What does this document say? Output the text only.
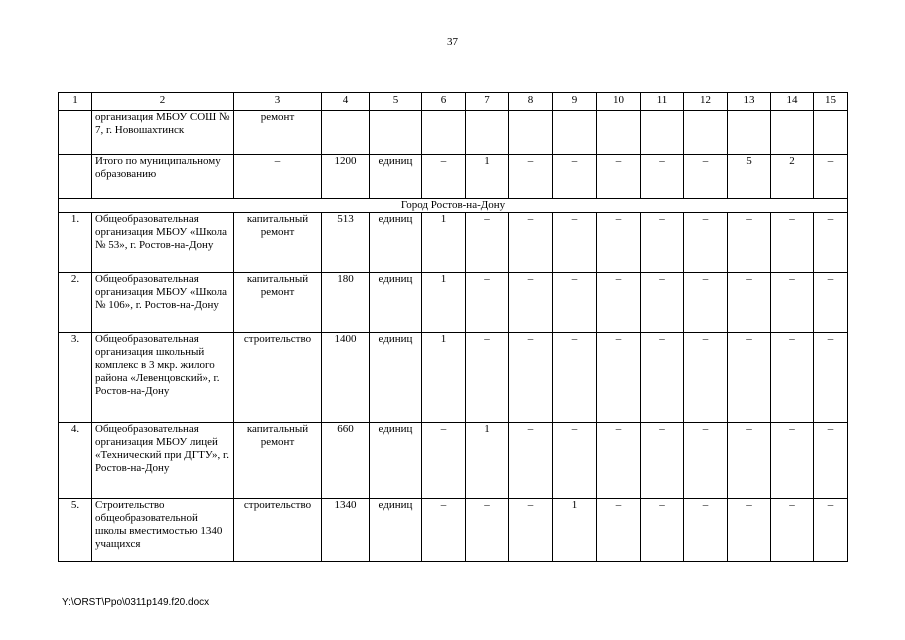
37
1	2	3	4	5	6	7	8	9	10	11	12	13	14	15
	организация МБОУ СОШ № 7, г. Новошахтинск	ремонт												
	Итого по муниципальному образованию	–	1200	единиц	–	1	–	–	–	–	–	5	2	–
Город Ростов-на-Дону														
1.	Общеобразовательная организация МБОУ «Школа № 53», г. Ростов-на-Дону	капитальный ремонт	513	единиц	1	–	–	–	–	–	–	–	–	–
2.	Общеобразовательная организация МБОУ «Школа № 106», г. Ростов-на-Дону	капитальный ремонт	180	единиц	1	–	–	–	–	–	–	–	–	–
3.	Общеобразовательная организация школьный комплекс в 3 мкр. жилого района «Левенцовский», г. Ростов-на-Дону	строительство	1400	единиц	1	–	–	–	–	–	–	–	–	–
4.	Общеобразовательная организация МБОУ лицей «Технический при ДГТУ», г. Ростов-на-Дону	капитальный ремонт	660	единиц	–	1	–	–	–	–	–	–	–	–
5.	Строительство общеобразовательной школы вместимостью 1340 учащихся	строительство	1340	единиц	–	–	–	1	–	–	–	–	–	–
Y:\ORST\Ppo\0311p149.f20.docx
